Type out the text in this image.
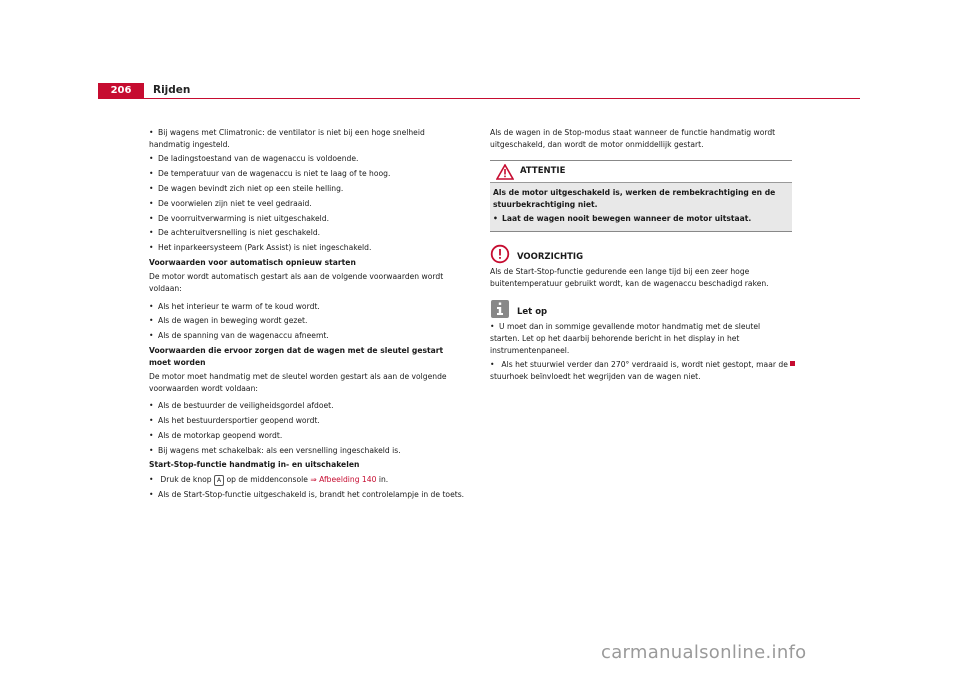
206	Rijden
• Bij wagens met Climatronic: de ventilator is niet bij een hoge snelheid handmatig ingesteld.
• De ladingstoestand van de wagenaccu is voldoende.
• De temperatuur van de wagenaccu is niet te laag of te hoog.
• De wagen bevindt zich niet op een steile helling.
• De voorwielen zijn niet te veel gedraaid.
• De voorruitverwarming is niet uitgeschakeld.
• De achteruitversnelling is niet geschakeld.
• Het inparkeersysteem (Park Assist) is niet ingeschakeld.

Voorwaarden voor automatisch opnieuw starten

De motor wordt automatisch gestart als aan de volgende voorwaarden wordt voldaan:

• Als het interieur te warm of te koud wordt.
• Als de wagen in beweging wordt gezet.
• Als de spanning van de wagenaccu afneemt.

Voorwaarden die ervoor zorgen dat de wagen met de sleutel gestart moet worden

De motor moet handmatig met de sleutel worden gestart als aan de volgende voorwaarden wordt voldaan:

• Als de bestuurder de veiligheidsgordel afdoet.
• Als het bestuurdersportier geopend wordt.
• Als de motorkap geopend wordt.
• Bij wagens met schakelbak: als een versnelling ingeschakeld is.

Start-Stop-functie handmatig in- en uitschakelen

• Druk de knop A op de middenconsole ⇒ Afbeelding 140 in.
• Als de Start-Stop-functie uitgeschakeld is, brandt het controlelampje in de toets.

Als de wagen in de Stop-modus staat wanneer de functie handmatig wordt uitgeschakeld, dan wordt de motor onmiddellijk gestart.

ATTENTIE

Als de motor uitgeschakeld is, werken de rembekrachtiging en de stuurbekrachtiging niet.

• Laat de wagen nooit bewegen wanneer de motor uitstaat.
VOORZICHTIG

Als de Start-Stop-functie gedurende een lange tijd bij een zeer hoge buitentemperatuur gebruikt wordt, kan de wagenaccu beschadigd raken.

Let op
• U moet dan in sommige gevallende motor handmatig met de sleutel starten. Let op het daarbij behorende bericht in het display in het instrumentenpaneel.
• Als het stuurwiel verder dan 270° verdraaid is, wordt niet gestopt, maar de stuurhoek beïnvloedt het wegrijden van de wagen niet.
carmanualsonline.info
